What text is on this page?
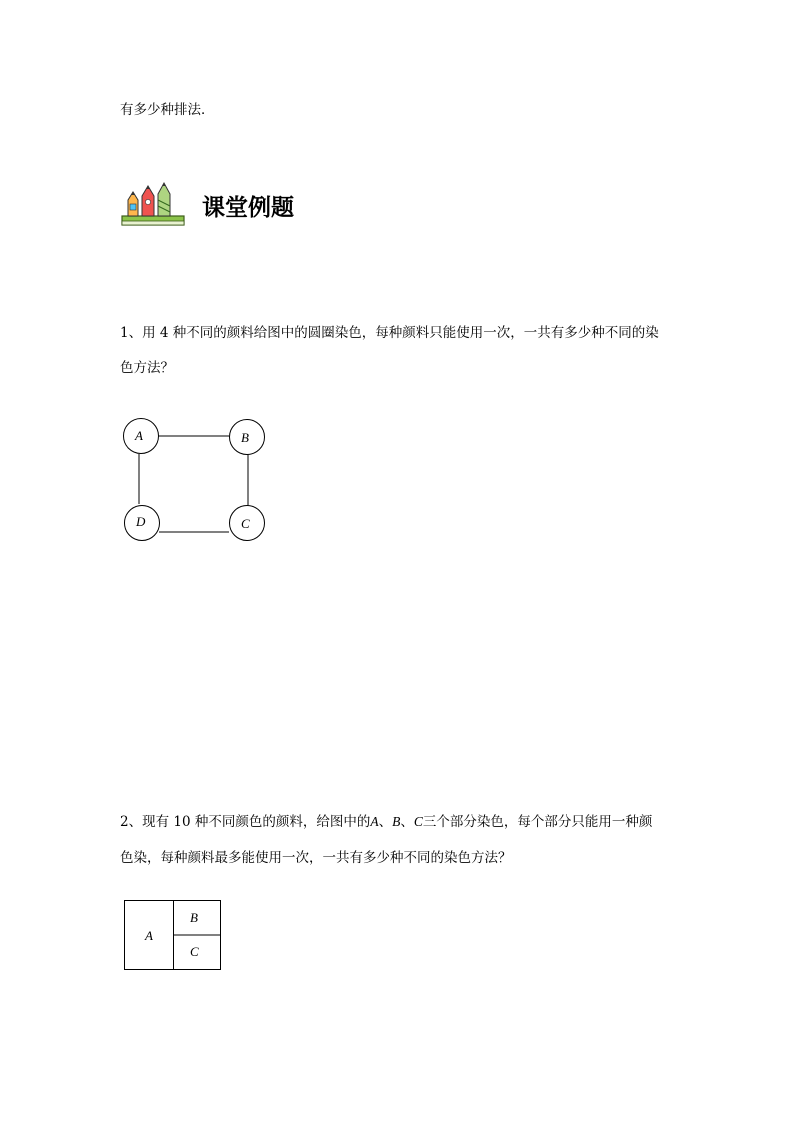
有多少种排法．
课堂例题
1、用 4 种不同的颜料给图中的圆圈染色，每种颜料只能使用一次，一共有多少种不同的染
色方法？
A	B
C
D
2、现有 10 种不同颜色的颜料，给图中的A、B、C三个部分染色，每个部分只能用一种颜
色染，每种颜料最多能使用一次，一共有多少种不同的染色方法？
A
B
C
